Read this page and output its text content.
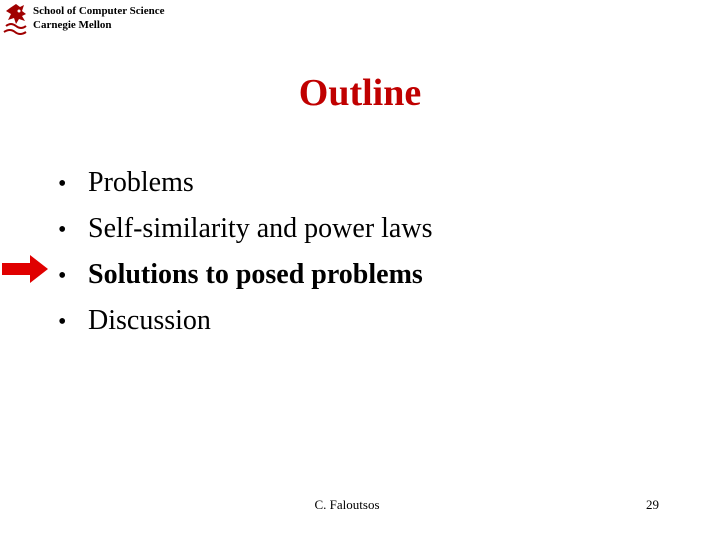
School of Computer Science
Carnegie Mellon
Outline
• Problems
• Self-similarity and power laws
• Solutions to posed problems
• Discussion
C. Faloutsos	29
